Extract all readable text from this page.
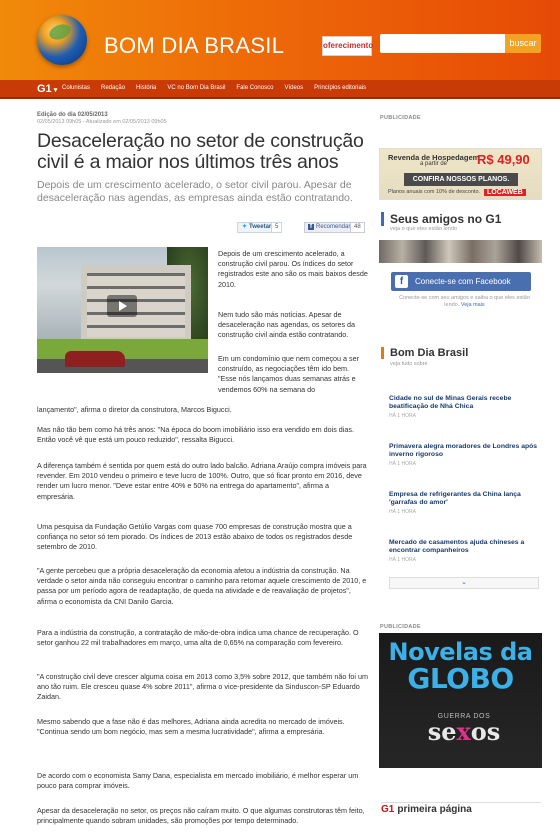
BOM DIA BRASIL	oferecimento	buscar
G1 ▾ Colunistas Redação História VC no Bom Dia Brasil Fale Conosco Vídeos Princípios editoriais
Edição do dia 02/05/2013
02/05/2013 09h05 - Atualizado em 02/05/2013 09h05
Desaceleração no setor de construção civil é a maior nos últimos três anos
Depois de um crescimento acelerado, o setor civil parou. Apesar de desaceleração nas agendas, as empresas ainda estão contratando.
✦ Tweetar 5	f Recomendar 48
Depois de um crescimento acelerado, a construção civil parou. Os índices do setor registrados este ano são os mais baixos desde 2010.
Nem tudo são más notícias. Apesar de desaceleração nas agendas, os setores da construção civil ainda estão contratando.
Em um condomínio que nem começou a ser construído, as negociações têm ido bem. "Esse nós lançamos duas semanas atrás e vendemos 60% na semana do
lançamento", afirma o diretor da construtora, Marcos Bigucci.
Mas não tão bem como há três anos: "Na época do boom imobiliário isso era vendido em dois dias. Então você vê que está um pouco reduzido", ressalta Bigucci.
A diferença também é sentida por quem está do outro lado balcão. Adriana Araújo compra imóveis para revender. Em 2010 vendeu o primeiro e teve lucro de 100%. Outro, que só ficar pronto em 2016, deve render um lucro menor. "Deve estar entre 40% e 50% na entrega do apartamento", afirma a empresária.
Uma pesquisa da Fundação Getúlio Vargas com quase 700 empresas de construção mostra que a confiança no setor só tem piorado. Os índices de 2013 estão abaixo de todos os registrados desde setembro de 2010.
"A gente percebeu que a própria desaceleração da economia afetou a indústria da construção. Na verdade o setor ainda não conseguiu encontrar o caminho para retomar aquele crescimento de 2010, e passa por um período agora de readaptação, de queda na atividade e de reavaliação de projetos", afirma o economista da CNI Danilo Garcia.
Para a indústria da construção, a contratação de mão-de-obra indica uma chance de recuperação. O setor ganhou 22 mil trabalhadores em março, uma alta de 0,65% na comparação com fevereiro.
"A construção civil deve crescer alguma coisa em 2013 como 3,5% sobre 2012, que também não foi um ano tão ruim. Ele cresceu quase 4% sobre 2011", afirma o vice-presidente da Sinduscon-SP Eduardo Zaidan.
Mesmo sabendo que a fase não é das melhores, Adriana ainda acredita no mercado de imóveis. "Continua sendo um bom negócio, mas sem a mesma lucratividade", afirma a empresária.
De acordo com o economista Samy Dana, especialista em mercado imobiliário, é melhor esperar um pouco para comprar imóveis.
Apesar da desaceleração no setor, os preços não caíram muito. O que algumas construtoras têm feito, principalmente quando sobram unidades, são promoções por tempo determinado.
PUBLICIDADE
Revenda de Hospedagem
a partir de R$ 49,90
CONFIRA NOSSOS PLANOS.
Planos anuais com 10% de desconto. LOCAWEB
Seus amigos no G1
veja o que eles estão lendo
f	Conecte-se com Facebook
Conecte-se com seu amigos e saiba o que eles estão lendo. Veja mais
Bom Dia Brasil
veja tudo sobre
Cidade no sul de Minas Gerais recebe beatificação de Nhá Chica
HÁ 1 HORA
Primavera alegra moradores de Londres após inverno rigoroso
HÁ 1 HORA
Empresa de refrigerantes da China lança 'garrafas do amor'
HÁ 1 HORA
Mercado de casamentos ajuda chineses a encontrar companheiros
HÁ 1 HORA
⌄
PUBLICIDADE
Novelas da
GLOBO
GUERRA DOS
sexos
G1 primeira página
